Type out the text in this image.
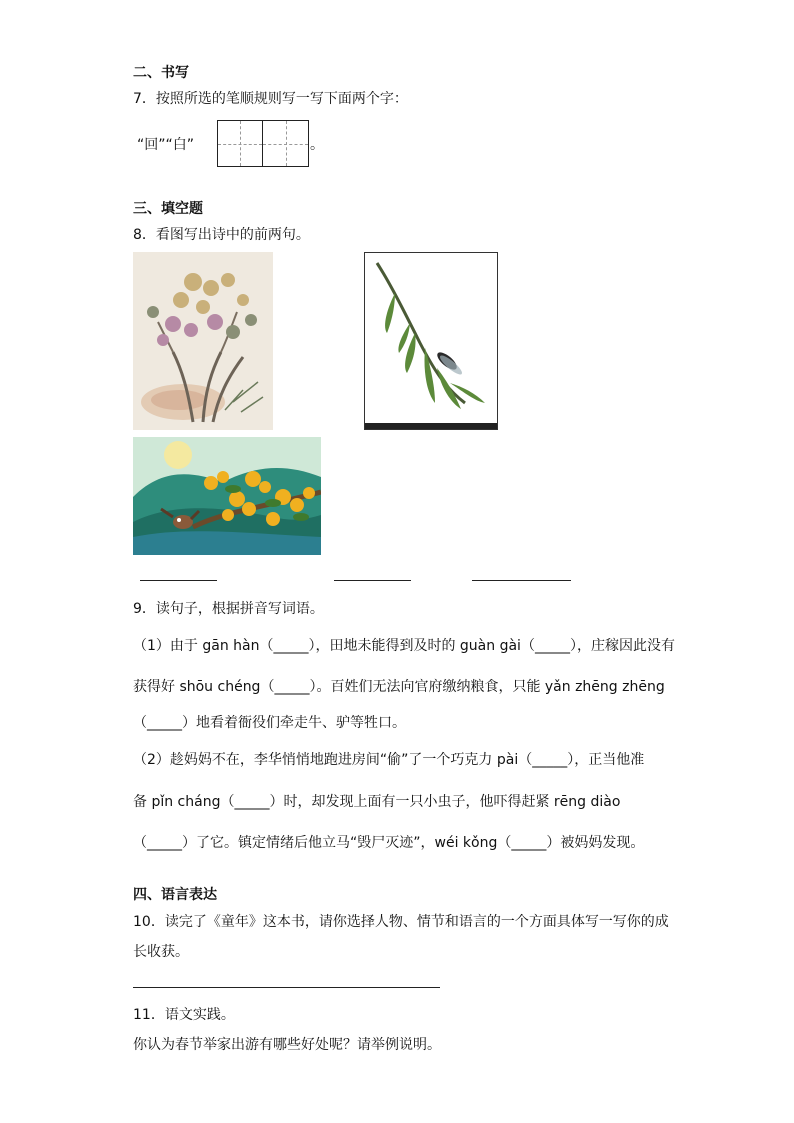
二、书写
7．按照所选的笔顺规则写一写下面两个字：
“回”“白”	。
三、填空题
8．看图写出诗中的前两句。
9．读句子，根据拼音写词语。
（1）由于 gān hàn（_____），田地未能得到及时的 guàn gài（_____），庄稼因此没有
获得好 shōu chéng（_____）。百姓们无法向官府缴纳粮食，只能 yǎn zhēng zhēng
（_____）地看着衙役们牵走牛、驴等牲口。
（2）趁妈妈不在，李华悄悄地跑进房间“偷”了一个巧克力 pài（_____），正当他准
备 pǐn cháng（_____）时，却发现上面有一只小虫子，他吓得赶紧 rēng diào
（_____）了它。镇定情绪后他立马“毁尸灭迹”，wéi kǒng（_____）被妈妈发现。
四、语言表达
10．读完了《童年》这本书，请你选择人物、情节和语言的一个方面具体写一写你的成
长收获。
11．语文实践。
你认为春节举家出游有哪些好处呢？请举例说明。
